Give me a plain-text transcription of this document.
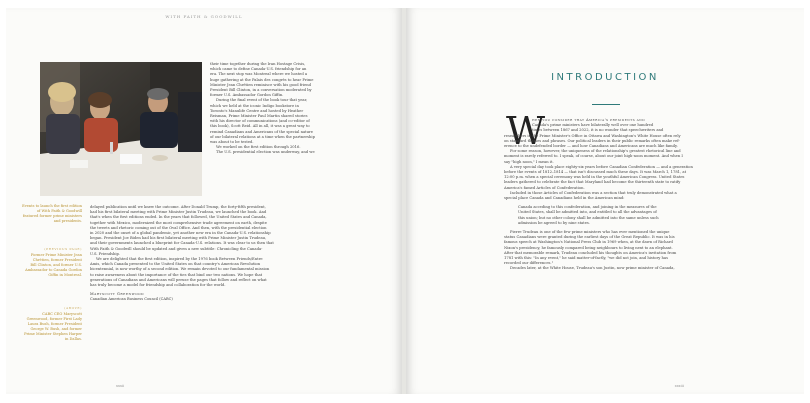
WITH FAITH & GOODWILL
Events to launch the first edition
of With Faith & Goodwill
featured former prime ministers
and presidents.
(PREVIOUS PAGE)
Former Prime Minister Jean
Chrétien, former President
Bill Clinton, and former U.S.
Ambassador to Canada Gordon
Giffin in Montreal.
(ABOVE)
CABC CEO Maryscott
Greenwood, former First Lady
Laura Bush, former President
George W. Bush, and former
Prime Minister Stephen Harper
in Dallas.
their time together during the Iran Hostage Crisis,
which came to define Canada-U.S. friendship for an
era. The next stop was Montreal where we hosted a
huge gathering at the Palais des congrès to hear Prime
Minister Jean Chrétien reminisce with his good friend
President Bill Clinton, in a conversation moderated by
former U.S. Ambassador Gordon Giffin.
During the final event of the book tour that year,
which we held at the iconic Indigo bookstore in
Toronto's Manulife Centre and hosted by Heather
Reisman, Prime Minister Paul Martin shared stories
with his director of communications (and co-editor of
this book), Scott Reid. All in all, it was a great way to
remind Canadians and Americans of the special nature
of our bilateral relations at a time when the partnership
was about to be tested.
We worked on the first edition through 2016.
The U.S. presidential election was underway, and we
delayed publication until we knew the outcome. After Donald Trump, the forty-fifth president,
had his first bilateral meeting with Prime Minister Justin Trudeau, we launched the book. And
that's when the first editions ended. In the years that followed, the United States and Canada,
together with Mexico, modernized the most comprehensive trade agreement on earth, despite
the tweets and rhetoric coming out of the Oval Office. And then, with the presidential election
in 2020 and the onset of a global pandemic, yet another new era in the Canada-U.S. relationship
began. President Joe Biden had his first bilateral meeting with Prime Minister Justin Trudeau,
and their governments launched a blueprint for Canada-U.S. relations. It was clear to us then that
With Faith & Goodwill should be updated and given a new subtitle: Chronicling the Canada-
U.S. Friendship.
We are delighted that the first edition, inspired by the 1976 book Between Friends/Entre
Amis, which Canada presented to the United States on that country's American Revolution
bicentennial, is now worthy of a second edition. We remain devoted to our fundamental mission
to raise awareness about the importance of the ties that bind our two nations. We hope that
generations of Canadians and Americans will peruse the pages that follow and reflect on what
has truly become a model for friendship and collaboration for the world.
Maryscott Greenwood
Canadian American Business Council (CABC)
xxxii
INTRODUCTION
W
hen you consider that America's presidents and
Canada's prime ministers have bilaterally well over one hundred
times between 1867 and 2022, it is no wonder that speechwriters and
researchers in the Prime Minister's Office in Ottawa and Washington's White House often rely
on standard themes and phrases. Our political leaders in their public remarks often make ref-
erence to the undefended border — and how Canadians and Americans are much like family.
For some reason, however, the uniqueness of the relationship's greatest rhetorical line and
moment is rarely referred to. I speak, of course, about our joint high-noon moment. And when I
say "high noon," I mean it.
A very special day took place eighty-six years before Canadian Confederation — and a generation
before the events of 1812–1814 — that isn't discussed much these days. It was March 1, 1781, at
12:00 p.m. when a special ceremony was held in the youthful American Congress. United States
leaders gathered to celebrate the fact that Maryland had become the thirteenth state to ratify
America's famed Articles of Confederation.
Included in those Articles of Confederation was a section that truly demonstrated what a
special place Canada and Canadians held in the American mind:
Canada acceding to this confederation, and joining in the measures of the
United States, shall be admitted into, and entitled to all the advantages of
this union; but no other colony shall be admitted into the same unless such
admission be agreed to by nine states.
Pierre Trudeau is one of the few prime ministers who has ever mentioned the unique
status Canadians were granted during the earliest days of the Great Republic. It was in his
famous speech at Washington's National Press Club in 1969 when, at the dawn of Richard
Nixon's presidency, he famously compared being neighbours to living next to an elephant.
After that memorable remark, Trudeau concluded his thoughts on America's invitation from
1781 with this: "In any event," he said matter-of-factly, "we did not join, and history has
recorded our differences."
Decades later, at the White House, Trudeau's son Justin, now prime minister of Canada,
xxxiii
